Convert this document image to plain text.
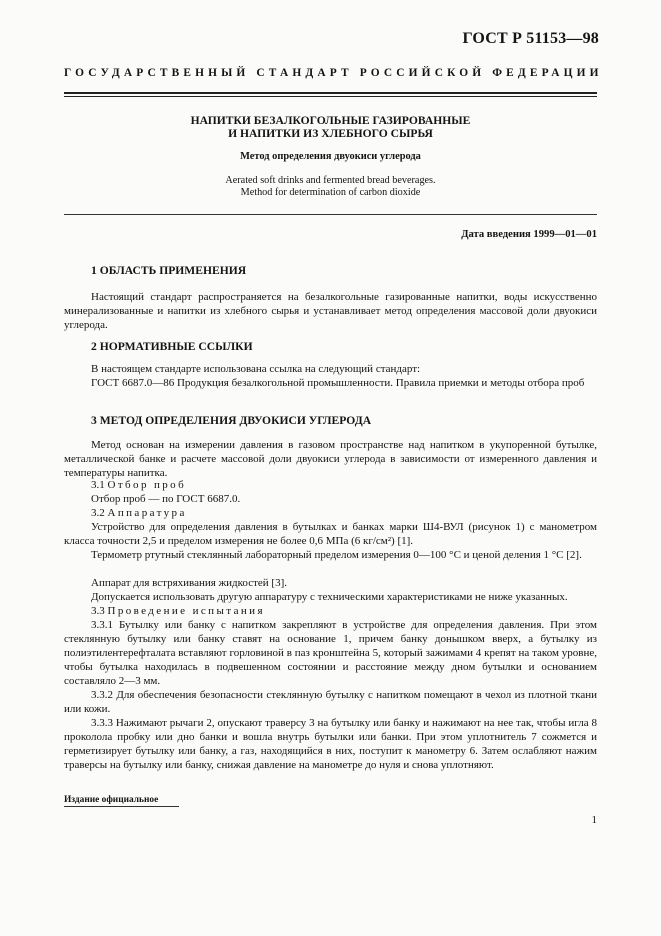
ГОСТ Р 51153—98
ГОСУДАРСТВЕННЫЙ СТАНДАРТ РОССИЙСКОЙ ФЕДЕРАЦИИ
НАПИТКИ БЕЗАЛКОГОЛЬНЫЕ ГАЗИРОВАННЫЕ
И НАПИТКИ ИЗ ХЛЕБНОГО СЫРЬЯ
Метод определения двуокиси углерода
Aerated soft drinks and fermented bread beverages.
Method for determination of carbon dioxide
Дата введения 1999—01—01
1 ОБЛАСТЬ ПРИМЕНЕНИЯ

Настоящий стандарт распространяется на безалкогольные газированные напитки, воды искусственно минерализованные и напитки из хлебного сырья и устанавливает метод определения массовой доли двуокиси углерода.

2 НОРМАТИВНЫЕ ССЫЛКИ
В настоящем стандарте использована ссылка на следующий стандарт:

ГОСТ 6687.0—86 Продукция безалкогольной промышленности. Правила приемки и методы отбора проб

3 МЕТОД ОПРЕДЕЛЕНИЯ ДВУОКИСИ УГЛЕРОДА

Метод основан на измерении давления в газовом пространстве над напитком в укупоренной бутылке, металлической банке и расчете массовой доли двуокиси углерода в зависимости от измеренного давления и температуры напитка.

3.1 Отбор проб
Отбор проб — по ГОСТ 6687.0.
3.2 Аппаратура

Устройство для определения давления в бутылках и банках марки Ш4-ВУЛ (рисунок 1) с манометром класса точности 2,5 и пределом измерения не более 0,6 МПа (6 кг/см²) [1].

Термометр ртутный стеклянный лабораторный пределом измерения 0—100 °С и ценой деления 1 °С [2].

Аппарат для встряхивания жидкостей [3].

Допускается использовать другую аппаратуру с техническими характеристиками не ниже указанных.

3.3 Проведение испытания

3.3.1 Бутылку или банку с напитком закрепляют в устройстве для определения давления. При этом стеклянную бутылку или банку ставят на основание 1, причем банку донышком вверх, а бутылку из полиэтилентерефталата вставляют горловиной в паз кронштейна 5, который зажимами 4 крепят на таком уровне, чтобы бутылка находилась в подвешенном состоянии и расстояние между дном бутылки и основанием составляло 2—3 мм.

3.3.2 Для обеспечения безопасности стеклянную бутылку с напитком помещают в чехол из плотной ткани или кожи.

3.3.3 Нажимают рычаги 2, опускают траверсу 3 на бутылку или банку и нажимают на нее так, чтобы игла 8 проколола пробку или дно банки и вошла внутрь бутылки или банки. При этом уплотнитель 7 сожмется и герметизирует бутылку или банку, а газ, находящийся в них, поступит к манометру 6. Затем ослабляют нажим траверсы на бутылку или банку, снижая давление на манометре до нуля и снова уплотняют.

Издание официальное
1
